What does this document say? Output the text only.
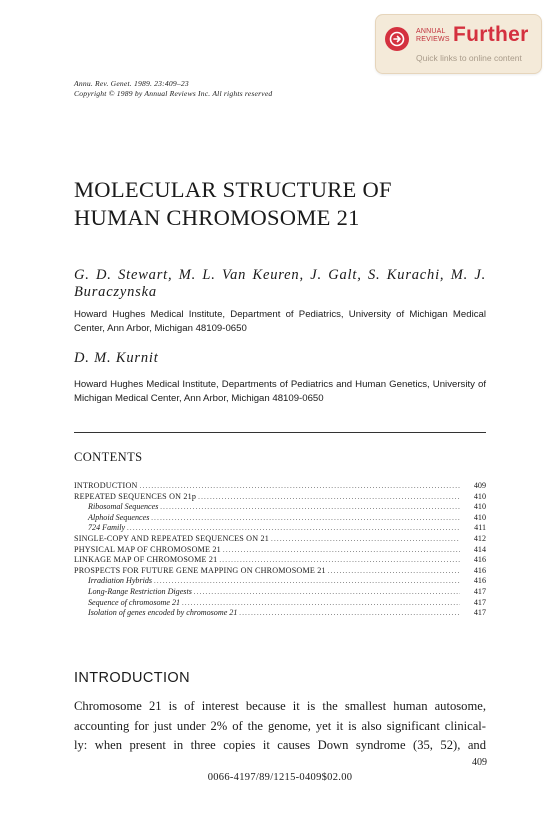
ANNUAL
REVIEWS Further
Quick links to online content
Annu. Rev. Genet. 1989. 23:409–23
Copyright © 1989 by Annual Reviews Inc. All rights reserved
MOLECULAR STRUCTURE OF
HUMAN CHROMOSOME 21
G. D. Stewart, M. L. Van Keuren, J. Galt, S. Kurachi, M. J.
Buraczynska
Howard Hughes Medical Institute, Department of Pediatrics, University of Michigan Medical Center, Ann Arbor, Michigan 48109-0650
D. M. Kurnit
Howard Hughes Medical Institute, Departments of Pediatrics and Human Genetics, University of Michigan Medical Center, Ann Arbor, Michigan 48109-0650
CONTENTS
INTRODUCTION .....	409
REPEATED SEQUENCES ON 21p .....	410
Ribosomal Sequences .....	410
Alphoid Sequences .....	410
724 Family .....	411
SINGLE-COPY AND REPEATED SEQUENCES ON 21 .....	412
PHYSICAL MAP OF CHROMOSOME 21 .....	414
LINKAGE MAP OF CHROMOSOME 21 .....	416
PROSPECTS FOR FUTURE GENE MAPPING ON CHROMOSOME 21 .....	416
Irradiation Hybrids .....	416
Long-Range Restriction Digests .....	417
Sequence of chromosome 21 .....	417
Isolation of genes encoded by chromosome 21 .....	417
INTRODUCTION
Chromosome 21 is of interest because it is the smallest human autosome,
accounting for just under 2% of the genome, yet it is also significant clinical-
ly: when present in three copies it causes Down syndrome (35, 52), and
409
0066-4197/89/1215-0409$02.00
